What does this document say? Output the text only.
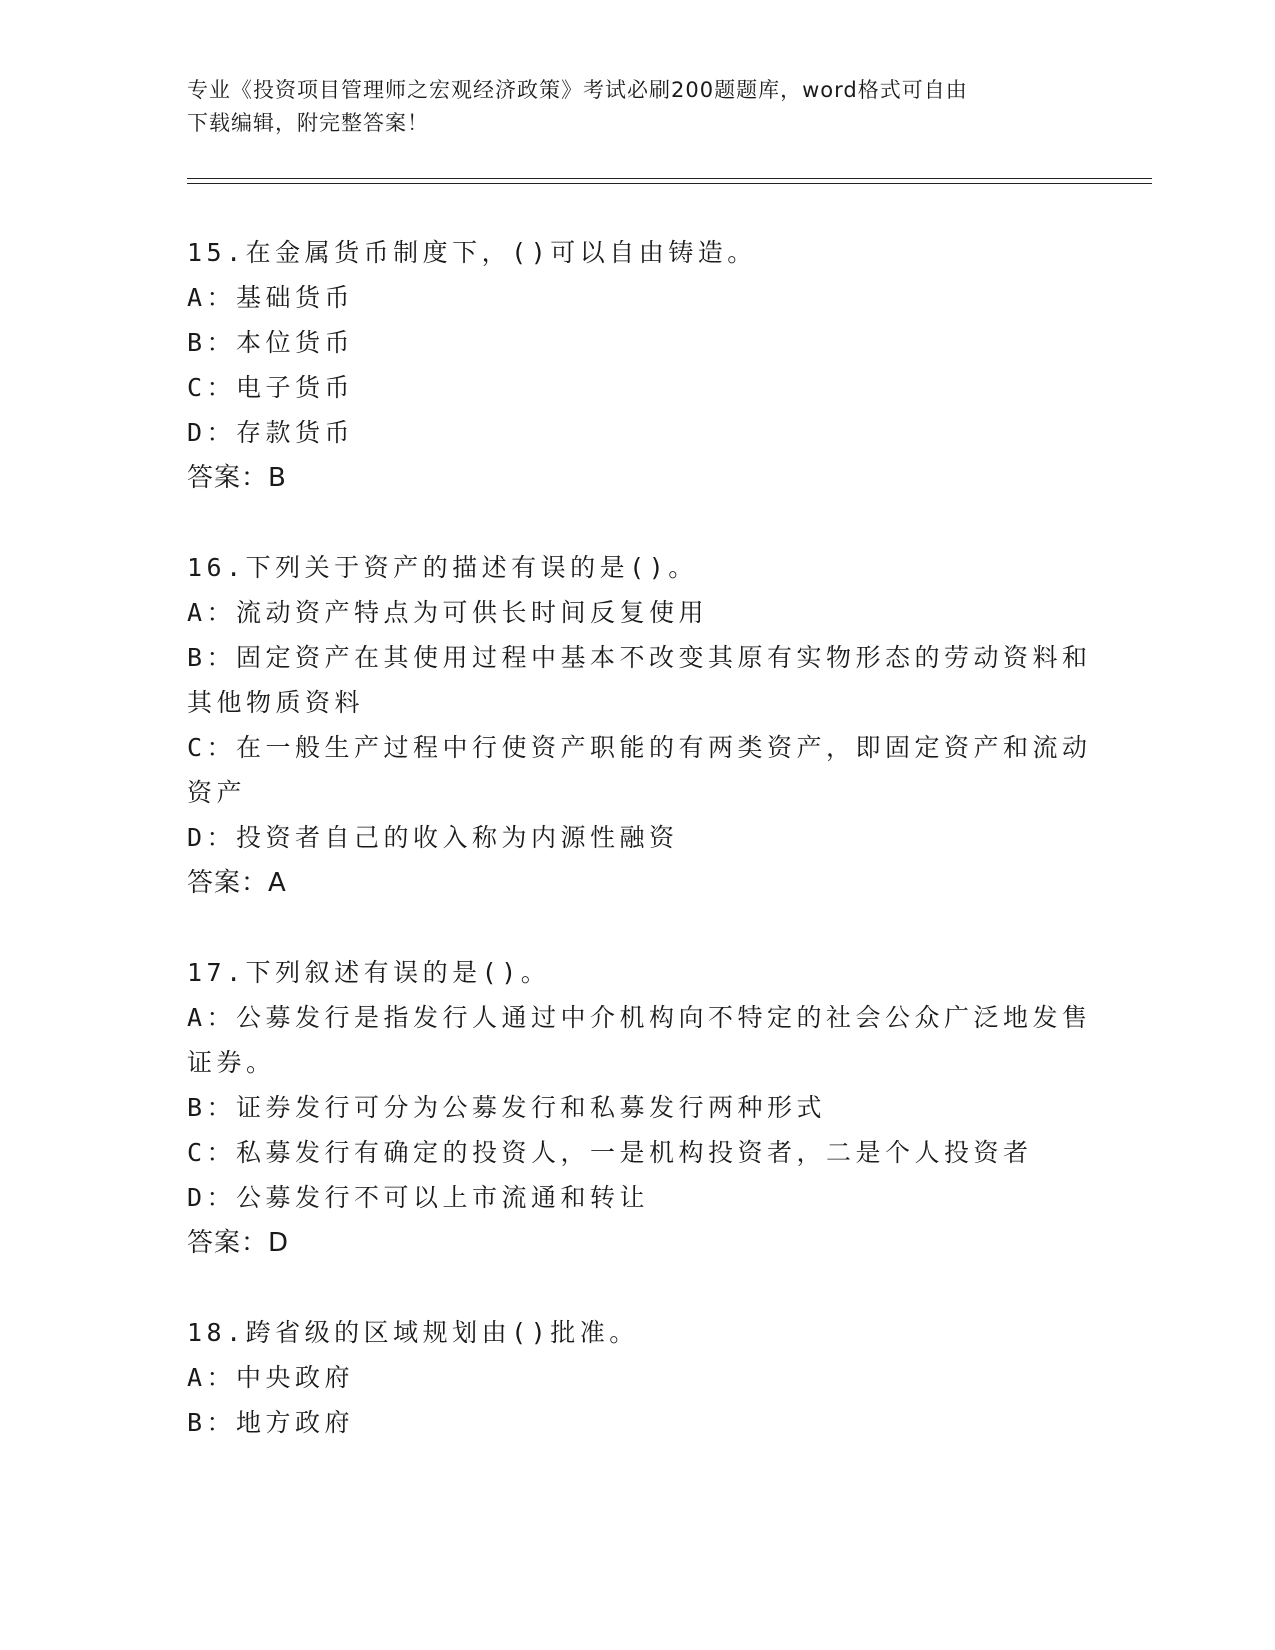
专业《投资项目管理师之宏观经济政策》考试必刷200题题库，word格式可自由
下载编辑，附完整答案！
15.在金属货币制度下，()可以自由铸造。
A：基础货币
B：本位货币
C：电子货币
D：存款货币
答案：B
16.下列关于资产的描述有误的是()。
A：流动资产特点为可供长时间反复使用
B：固定资产在其使用过程中基本不改变其原有实物形态的劳动资料和
其他物质资料
C：在一般生产过程中行使资产职能的有两类资产，即固定资产和流动
资产
D：投资者自己的收入称为内源性融资
答案：A
17.下列叙述有误的是()。
A：公募发行是指发行人通过中介机构向不特定的社会公众广泛地发售
证券。
B：证券发行可分为公募发行和私募发行两种形式
C：私募发行有确定的投资人，一是机构投资者，二是个人投资者
D：公募发行不可以上市流通和转让
答案：D
18.跨省级的区域规划由()批准。
A：中央政府
B：地方政府
